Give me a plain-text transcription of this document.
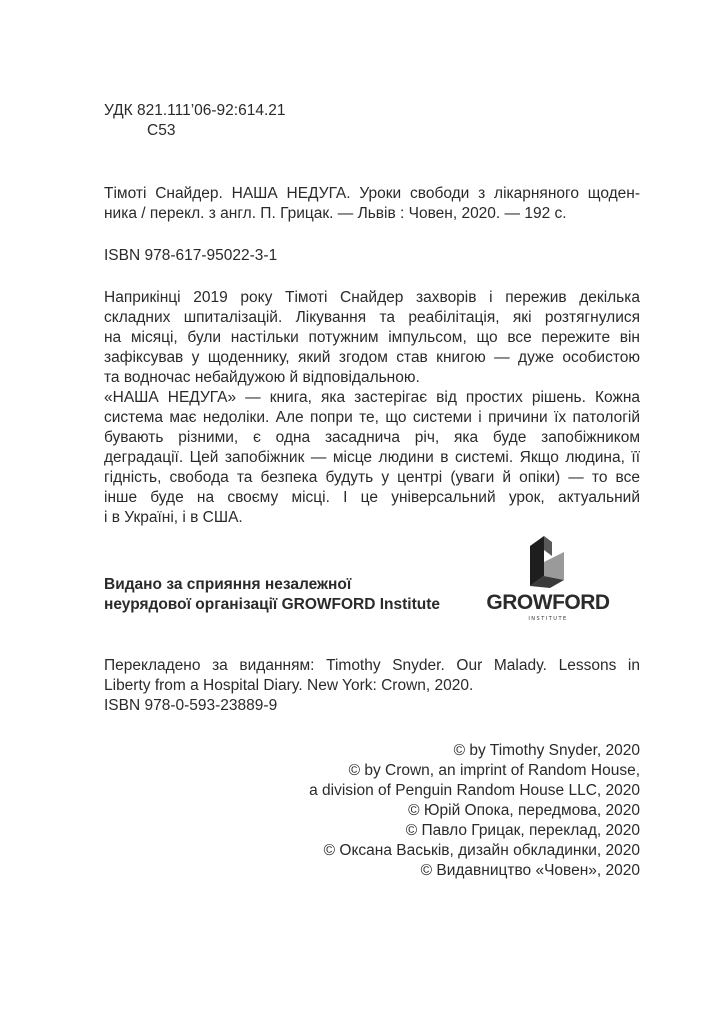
УДК 821.111’06-92:614.21
С53
Тімоті Снайдер. НАША НЕДУГА. Уроки свободи з лікарняного щоден-
ника / перекл. з англ. П. Грицак. — Львів : Човен, 2020. — 192 с.
ISBN 978-617-95022-3-1
Наприкінці 2019 року Тімоті Снайдер захворів і пережив декілька
складних шпиталізацій. Лікування та реабілітація, які розтягнулися
на місяці, були настільки потужним імпульсом, що все пережите він
зафіксував у щоденнику, який згодом став книгою — дуже особистою
та водночас небайдужою й відповідальною.
«НАША НЕДУГА» — книга, яка застерігає від простих рішень. Кожна
система має недоліки. Але попри те, що системи і причини їх патологій
бувають різними, є одна засаднича річ, яка буде запобіжником
деградації. Цей запобіжник — місце людини в системі. Якщо людина, її
гідність, свобода та безпека будуть у центрі (уваги й опіки) — то все
інше буде на своєму місці. І це універсальний урок, актуальний
і в Україні, і в США.
Видано за сприяння незалежної
неурядової організації GROWFORD Institute	GROWFORD
INSTITUTE
Перекладено за виданням: Timothy Snyder. Our Malady. Lessons in
Liberty from a Hospital Diary. New York: Crown, 2020.
ISBN 978-0-593-23889-9
© by Timothy Snyder, 2020
© by Crown, an imprint of Random House,
a division of Penguin Random House LLC, 2020
© Юрій Опока, передмова, 2020
© Павло Грицак, переклад, 2020
© Оксана Васьків, дизайн обкладинки, 2020
© Видавництво «Човен», 2020
